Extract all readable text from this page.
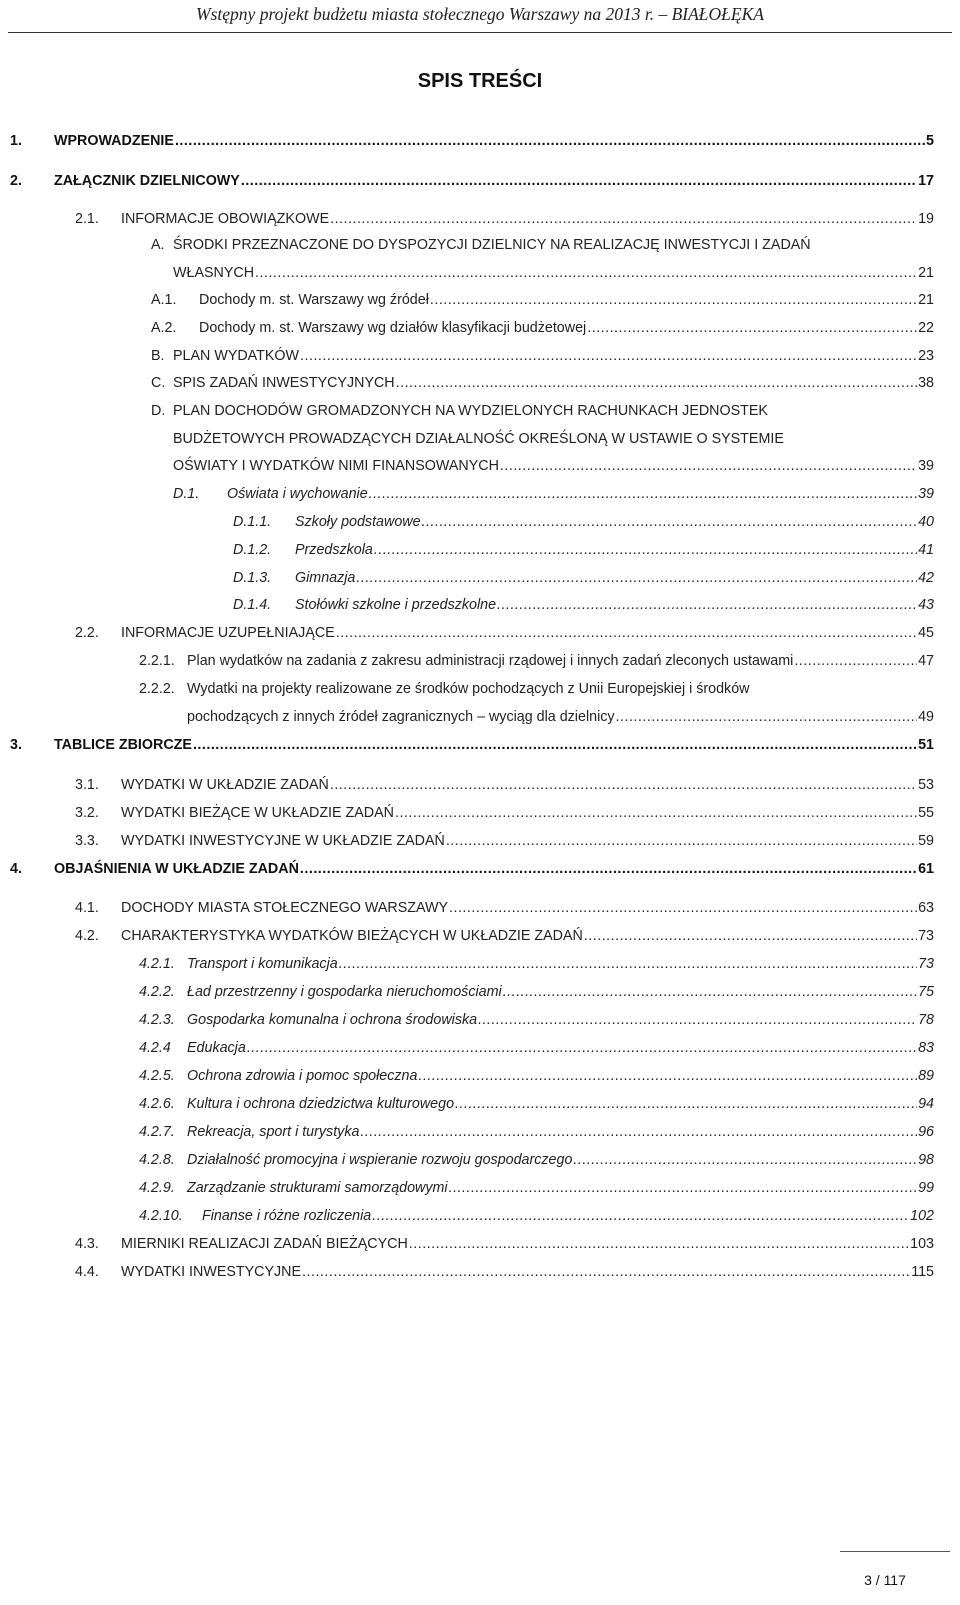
Wstępny projekt budżetu miasta stołecznego Warszawy na 2013 r. – BIAŁOŁĘKA
SPIS TREŚCI
1.	WPROWADZENIE .....	5
2.	ZAŁĄCZNIK DZIELNICOWY .....	17
2.1.	INFORMACJE OBOWIĄZKOWE .....	19
A. ŚRODKI PRZEZNACZONE DO DYSPOZYCJI DZIELNICY NA REALIZACJĘ INWESTYCJI I ZADAŃ
WŁASNYCH .....	21
A.1.	Dochody m. st. Warszawy wg źródeł .....	21
A.2.	Dochody m. st. Warszawy wg działów klasyfikacji budżetowej .....	22
B. PLAN WYDATKÓW .....	23
C. SPIS ZADAŃ INWESTYCYJNYCH .....	38
D. PLAN DOCHODÓW GROMADZONYCH NA WYDZIELONYCH RACHUNKACH JEDNOSTEK
BUDŻETOWYCH PROWADZĄCYCH DZIAŁALNOŚĆ OKREŚLONĄ W USTAWIE O SYSTEMIE
OŚWIATY I WYDATKÓW NIMI FINANSOWANYCH .....	39
D.1.	Oświata i wychowanie .....	39
D.1.1.	Szkoły podstawowe .....	40
D.1.2.	Przedszkola .....	41
D.1.3.	Gimnazja .....	42
D.1.4.	Stołówki szkolne i przedszkolne .....	43
2.2.	INFORMACJE UZUPEŁNIAJĄCE .....	45
2.2.1. Plan wydatków na zadania z zakresu administracji rządowej i innych zadań zleconych ustawami .....	47
2.2.2. Wydatki na projekty realizowane ze środków pochodzących z Unii Europejskiej i środków
pochodzących z innych źródeł zagranicznych – wyciąg dla dzielnicy .....	49
3.	TABLICE ZBIORCZE .....	51
3.1.	WYDATKI W UKŁADZIE ZADAŃ .....	53
3.2.	WYDATKI BIEŻĄCE W UKŁADZIE ZADAŃ .....	55
3.3.	WYDATKI INWESTYCYJNE W UKŁADZIE ZADAŃ .....	59
4.	OBJAŚNIENIA W UKŁADZIE ZADAŃ .....	61
4.1.	DOCHODY MIASTA STOŁECZNEGO WARSZAWY .....	63
4.2.	CHARAKTERYSTYKA WYDATKÓW BIEŻĄCYCH W UKŁADZIE ZADAŃ .....	73
4.2.1. Transport i komunikacja .....	73
4.2.2. Ład przestrzenny i gospodarka nieruchomościami .....	75
4.2.3. Gospodarka komunalna i ochrona środowiska .....	78
4.2.4	Edukacja .....	83
4.2.5. Ochrona zdrowia i pomoc społeczna .....	89
4.2.6. Kultura i ochrona dziedzictwa kulturowego .....	94
4.2.7. Rekreacja, sport i turystyka .....	96
4.2.8. Działalność promocyjna i wspieranie rozwoju gospodarczego .....	98
4.2.9. Zarządzanie strukturami samorządowymi .....	99
4.2.10.	Finanse i różne rozliczenia .....	102
4.3.	MIERNIKI REALIZACJI ZADAŃ BIEŻĄCYCH .....	103
4.4.	WYDATKI INWESTYCYJNE .....	115
3 / 117
